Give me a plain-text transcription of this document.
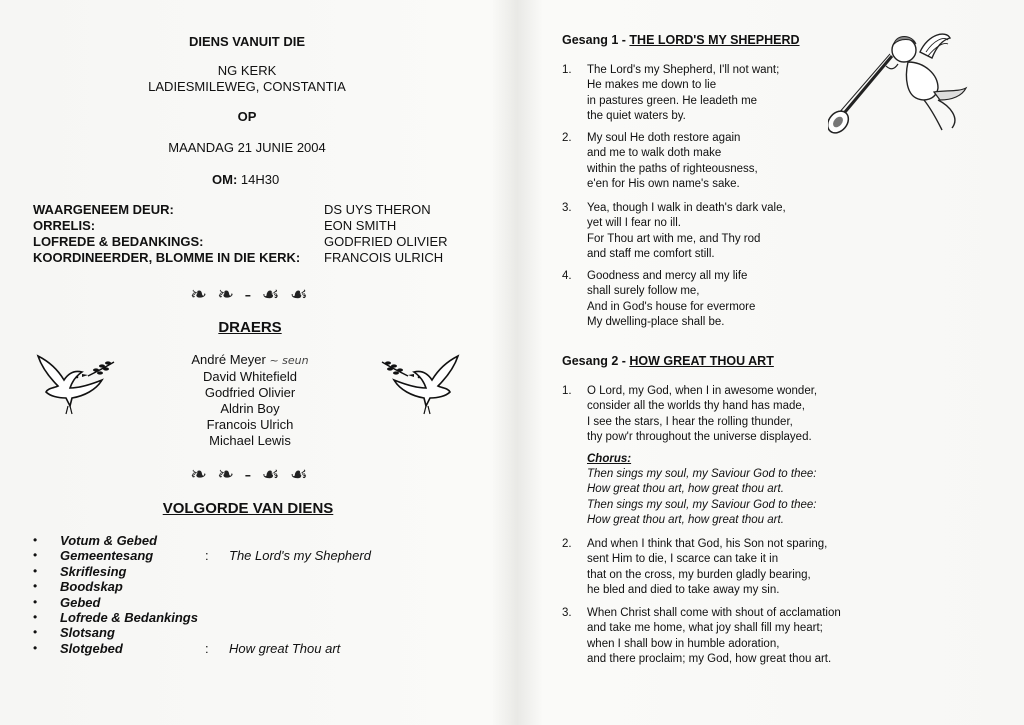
DIENS VANUIT DIE
NG KERK
LADIESMILEWEG, CONSTANTIA
OP
MAANDAG 21 JUNIE 2004
OM: 14H30
WAARGENEEM DEUR:	DS UYS THERON
ORRELIS:	EON SMITH
LOFREDE & BEDANKINGS:	GODFRIED OLIVIER
KOORDINEERDER, BLOMME IN DIE KERK: FRANCOIS ULRICH
❧ ❧ - ☙ ☙
DRAERS
André Meyer ~ seun
David Whitefield
Godfried Olivier
Aldrin Boy
Francois Ulrich
Michael Lewis
❧ ❧ - ☙ ☙
VOLGORDE VAN DIENS
• Votum & Gebed
• Gemeentesang	: The Lord's my Shepherd
• Skriflesing
• Boodskap
• Gebed
• Lofrede & Bedankings
• Slotsang
• Slotgebed	: How great Thou art
Gesang 1 - THE LORD'S MY SHEPHERD
1. The Lord's my Shepherd, I'll not want;
He makes me down to lie
in pastures green. He leadeth me
the quiet waters by.
2. My soul He doth restore again
and me to walk doth make
within the paths of righteousness,
e'en for His own name's sake.
3. Yea, though I walk in death's dark vale,
yet will I fear no ill.
For Thou art with me, and Thy rod
and staff me comfort still.
4. Goodness and mercy all my life
shall surely follow me,
And in God's house for evermore
My dwelling-place shall be.
Gesang 2 - HOW GREAT THOU ART
1. O Lord, my God, when I in awesome wonder,
consider all the worlds thy hand has made,
I see the stars, I hear the rolling thunder,
thy pow'r throughout the universe displayed.
Chorus:
Then sings my soul, my Saviour God to thee:
How great thou art, how great thou art.
Then sings my soul, my Saviour God to thee:
How great thou art, how great thou art.
2. And when I think that God, his Son not sparing,
sent Him to die, I scarce can take it in
that on the cross, my burden gladly bearing,
he bled and died to take away my sin.
3. When Christ shall come with shout of acclamation
and take me home, what joy shall fill my heart;
when I shall bow in humble adoration,
and there proclaim; my God, how great thou art.
